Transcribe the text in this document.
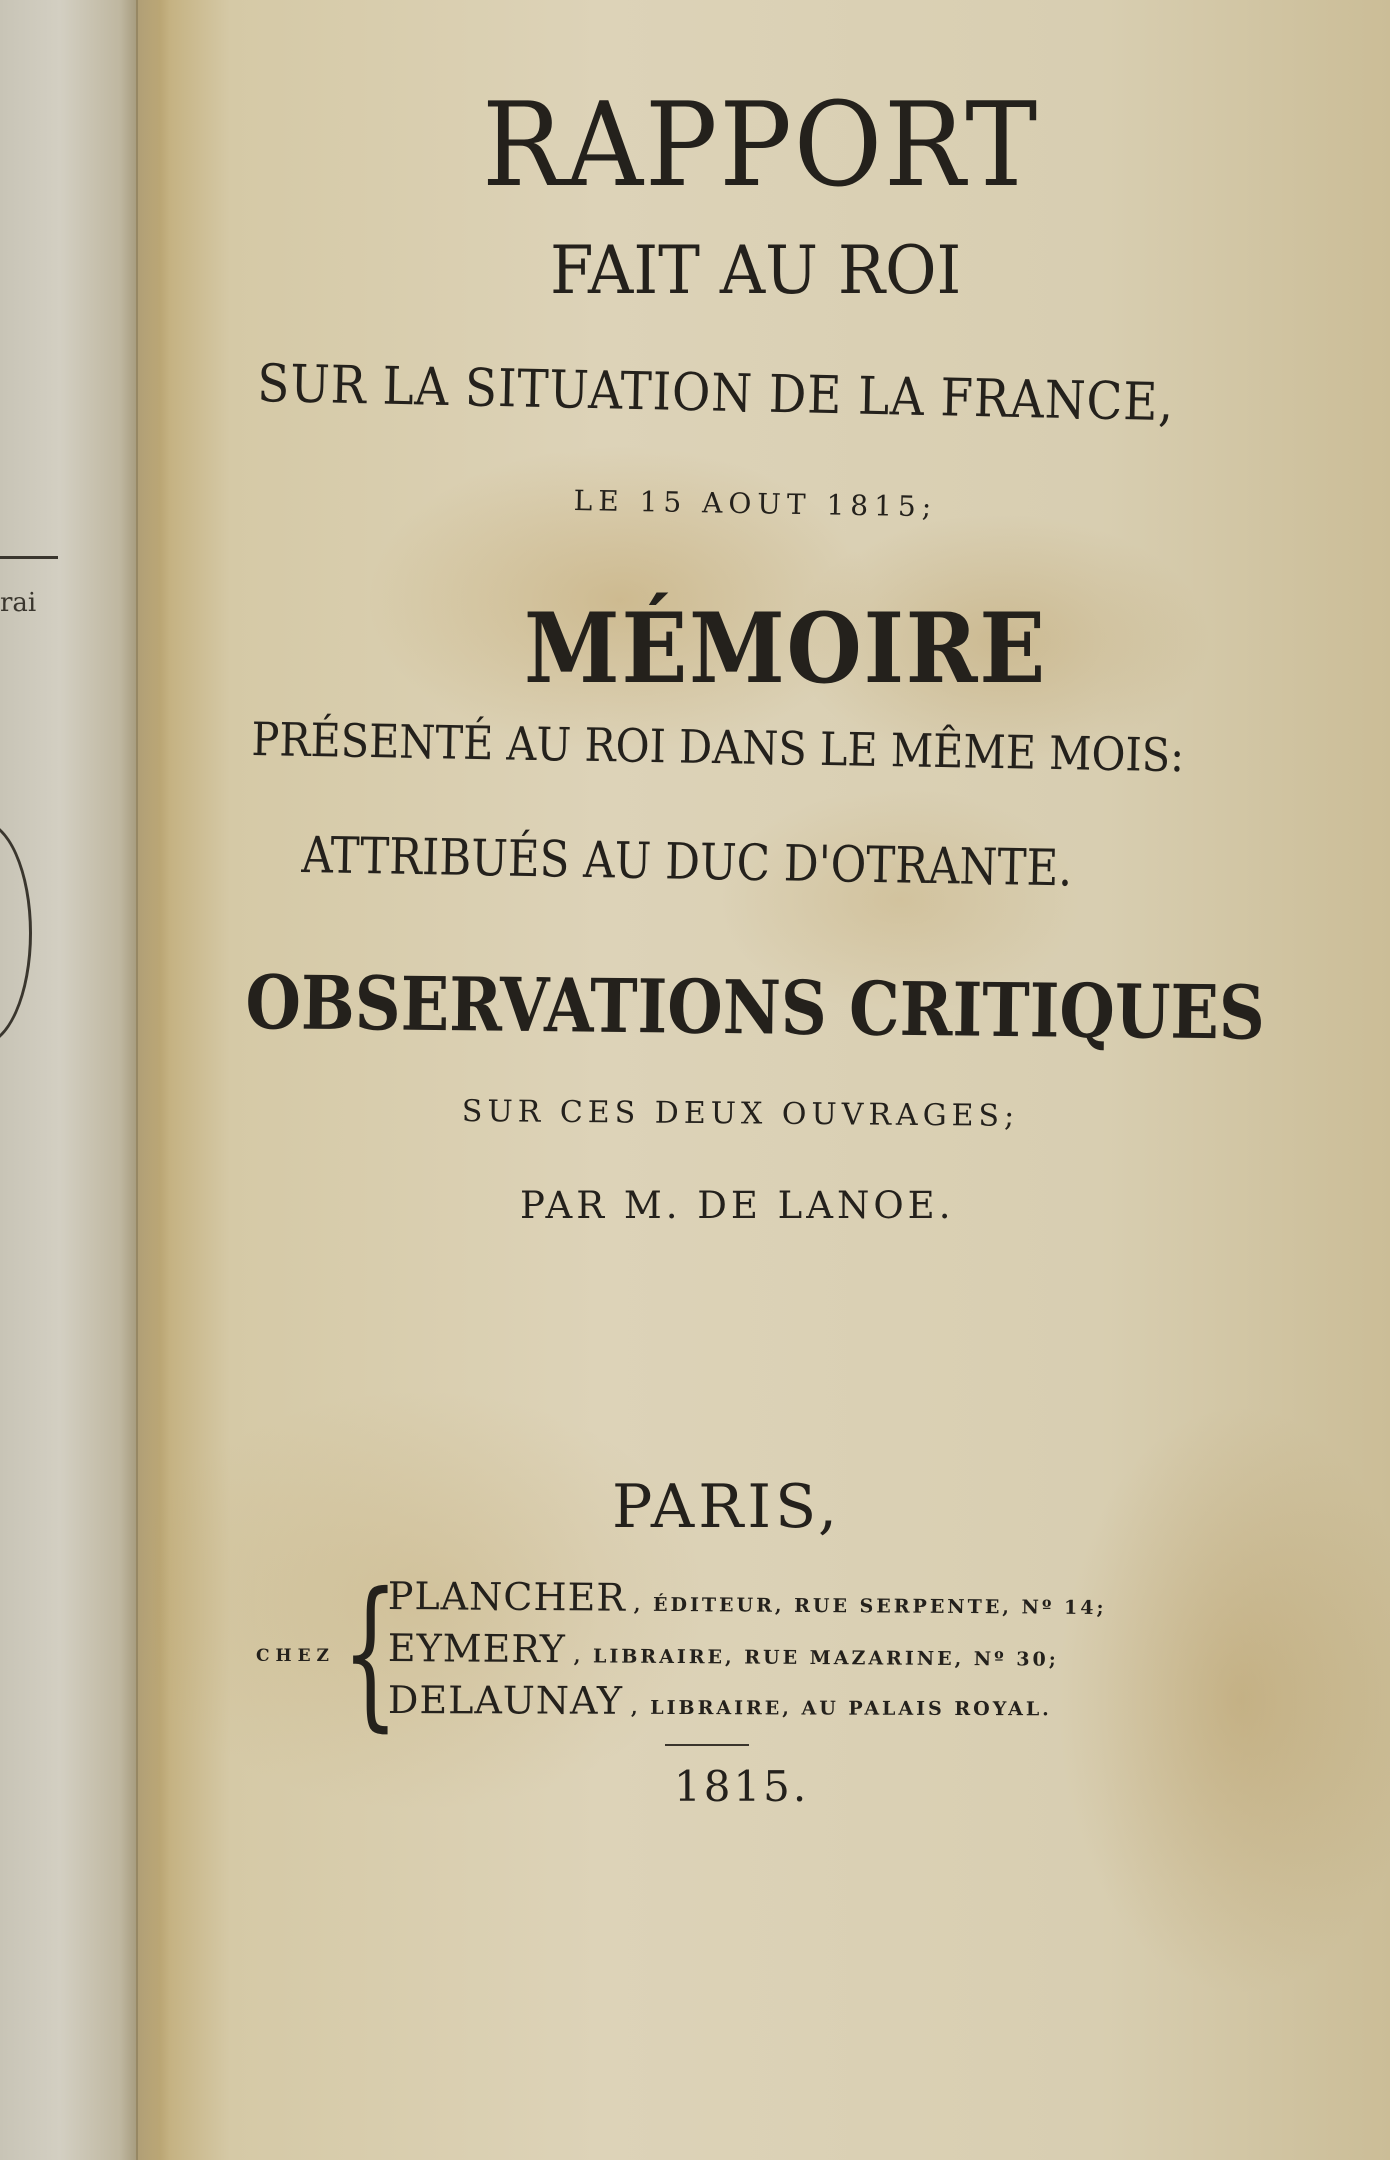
rai
RAPPORT
FAIT AU ROI
SUR LA SITUATION DE LA FRANCE,
LE 15 AOUT 1815;
MÉMOIRE
PRÉSENTÉ AU ROI DANS LE MÊME MOIS:
ATTRIBUÉS AU DUC D'OTRANTE.
OBSERVATIONS CRITIQUES
SUR CES DEUX OUVRAGES;
PAR M. DE LANOE.
PARIS,
CHEZ {
PLANCHER , ÉDITEUR, RUE SERPENTE, Nº 14;
EYMERY , LIBRAIRE, RUE MAZARINE, Nº 30;
DELAUNAY , LIBRAIRE, AU PALAIS ROYAL.
1815.
